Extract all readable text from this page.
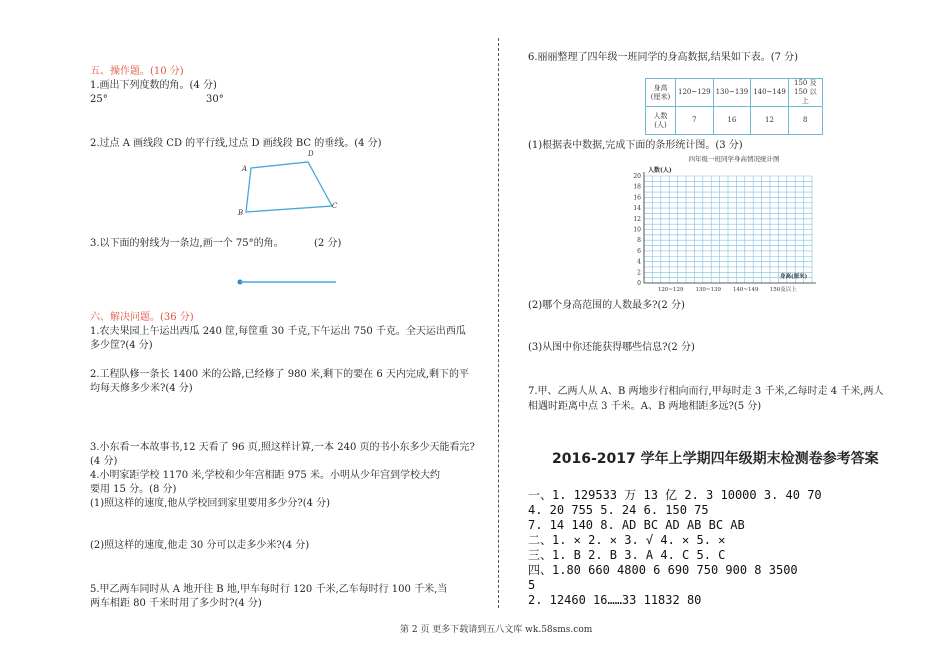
五、操作题。(10 分)
1.画出下列度数的角。(4 分)
25°	30°
2.过点 A 画线段 CD 的平行线,过点 D 画线段 BC 的垂线。(4 分)
A
B
C
D
3.以下面的射线为一条边,画一个 75°的角。	(2 分)
六、解决问题。(36 分)
1.农夫果园上午运出西瓜 240 筐,每筐重 30 千克,下午运出 750 千克。全天运出西瓜
多少筐?(4 分)
2.工程队修一条长 1400 米的公路,已经修了 980 米,剩下的要在 6 天内完成,剩下的平
均每天修多少米?(4 分)
3.小东看一本故事书,12 天看了 96 页,照这样计算,一本 240 页的书小东多少天能看完?
(4 分)
4.小明家距学校 1170 米,学校和少年宫相距 975 米。小明从少年宫到学校大约
要用 15 分。(8 分)
(1)照这样的速度,他从学校回到家里要用多少分?(4 分)
(2)照这样的速度,他走 30 分可以走多少米?(4 分)
5.甲乙两车同时从 A 地开往 B 地,甲车每时行 120 千米,乙车每时行 100 千米,当
两车相距 80 千米时用了多少时?(4 分)
6.丽丽整理了四年级一班同学的身高数据,结果如下表。(7 分)
身高
(厘米)	120~129	130~139	140~149	150 及
150 以上
人数
(人)	7	16	12	8
(1)根据表中数据,完成下面的条形统计图。(3 分)
四年级一班同学身高情况统计图
人数(人)
20
18
16
14
12
10
8
6
4
2
0
120~129 130~139 140~149 150及以上
身高(厘米)
(2)哪个身高范围的人数最多?(2 分)
(3)从图中你还能获得哪些信息?(2 分)
7.甲、乙两人从 A、B 两地步行相向而行,甲每时走 3 千米,乙每时走 4 千米,两人
相遇时距离中点 3 千米。A、B 两地相距多远?(5 分)
2016-2017 学年上学期四年级期末检测卷参考答案
一、1. 129533 万 13 亿 2. 3 10000 3. 40 70
4. 20 755 5. 24 6. 150 75
7. 14 140 8. AD BC AD AB BC AB
二、1. ✕ 2. ✕ 3. √ 4. ✕ 5. ✕
三、1. B 2. B 3. A 4. C 5. C
四、1.80 660 4800 6 690 750 900 8 3500
5
2. 12460 16……33 11832 80
第 2 页 更多下载请到五八文库 wk.58sms.com
